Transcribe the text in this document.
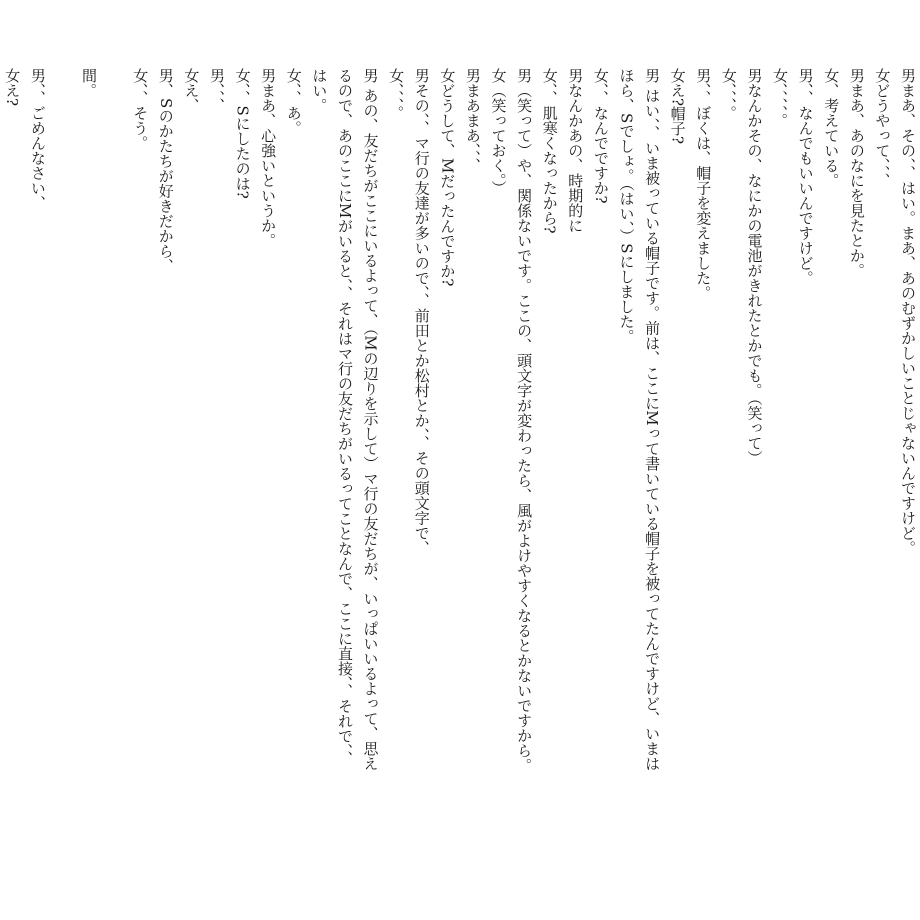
男まあ、その、、はい。まあ、あのむずかしいことじゃないんですけど。
女どうやって、、、
男まあ、あのなにを見たとか。
女、考えている。
男、、なんでもいいんですけど。
女、、、、。
男なんかその、なにかの電池がきれたとかでも。（笑って）
女、、、。
男、、ぼくは、帽子を変えました。
女え?帽子?
男 はい、、いま被っている帽子です。前は、ここにMって書いている帽子を被ってたんですけど、いまは
ほら、Sでしょ。（はい、）Sにしました。
女、、なんでですか?
男なんかあの、時期的に
女、、肌寒くなったから?
男（笑って）や、関係ないです。ここの、頭文字が変わったら、風がよけやすくなるとかないですから。
女（笑っておく。）
男まあまあ、、、
女どうして、Mだったんですか?
男その、、マ行の友達が多いので、、前田とか松村とか、、その頭文字で、
女、、、。
男 あの、友だちがここにいるよって、（Mの辺りを示して）マ行の友だちが、いっぱいいるよって、思え
るので、あのここにMがいると、、それはマ行の友だちがいるってことなんで、ここに直接、、それで、、
はい。
女、、あ。
男まあ、心強いというか。
女、、Sにしたのは?
男、、、
女え、
男、Sのかたちが好きだから、
女、、そう。
間。
男、、ごめんなさい、
女え?
